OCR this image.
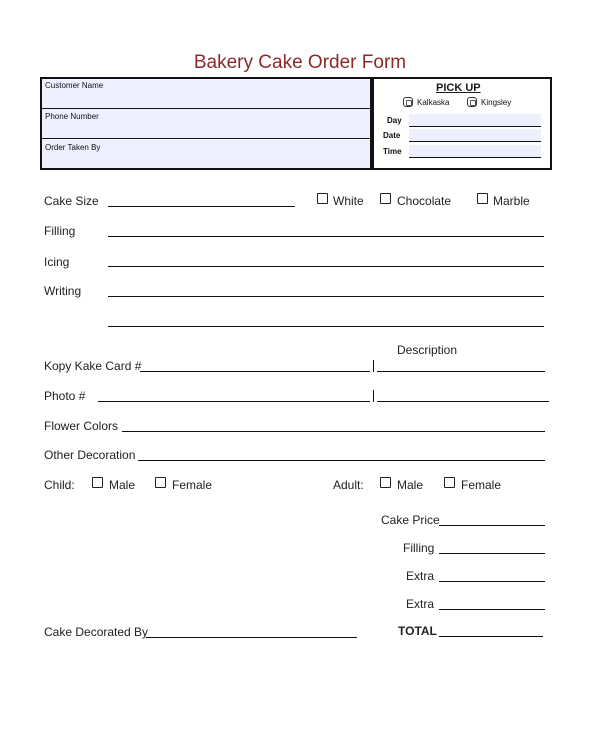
Bakery Cake Order Form
Customer Name
Phone Number
Order Taken By
PICK UP
Kalkaska	Kingsley
Day
Date
Time
Cake Size	White	Chocolate	Marble
Filling
Icing
Writing
Description
Kopy Kake Card #
Photo #
Flower Colors
Other Decoration
Child:	Male	Female	Adult:	Male	Female
Cake Price
Filling
Extra
Extra
TOTAL
Cake Decorated By
